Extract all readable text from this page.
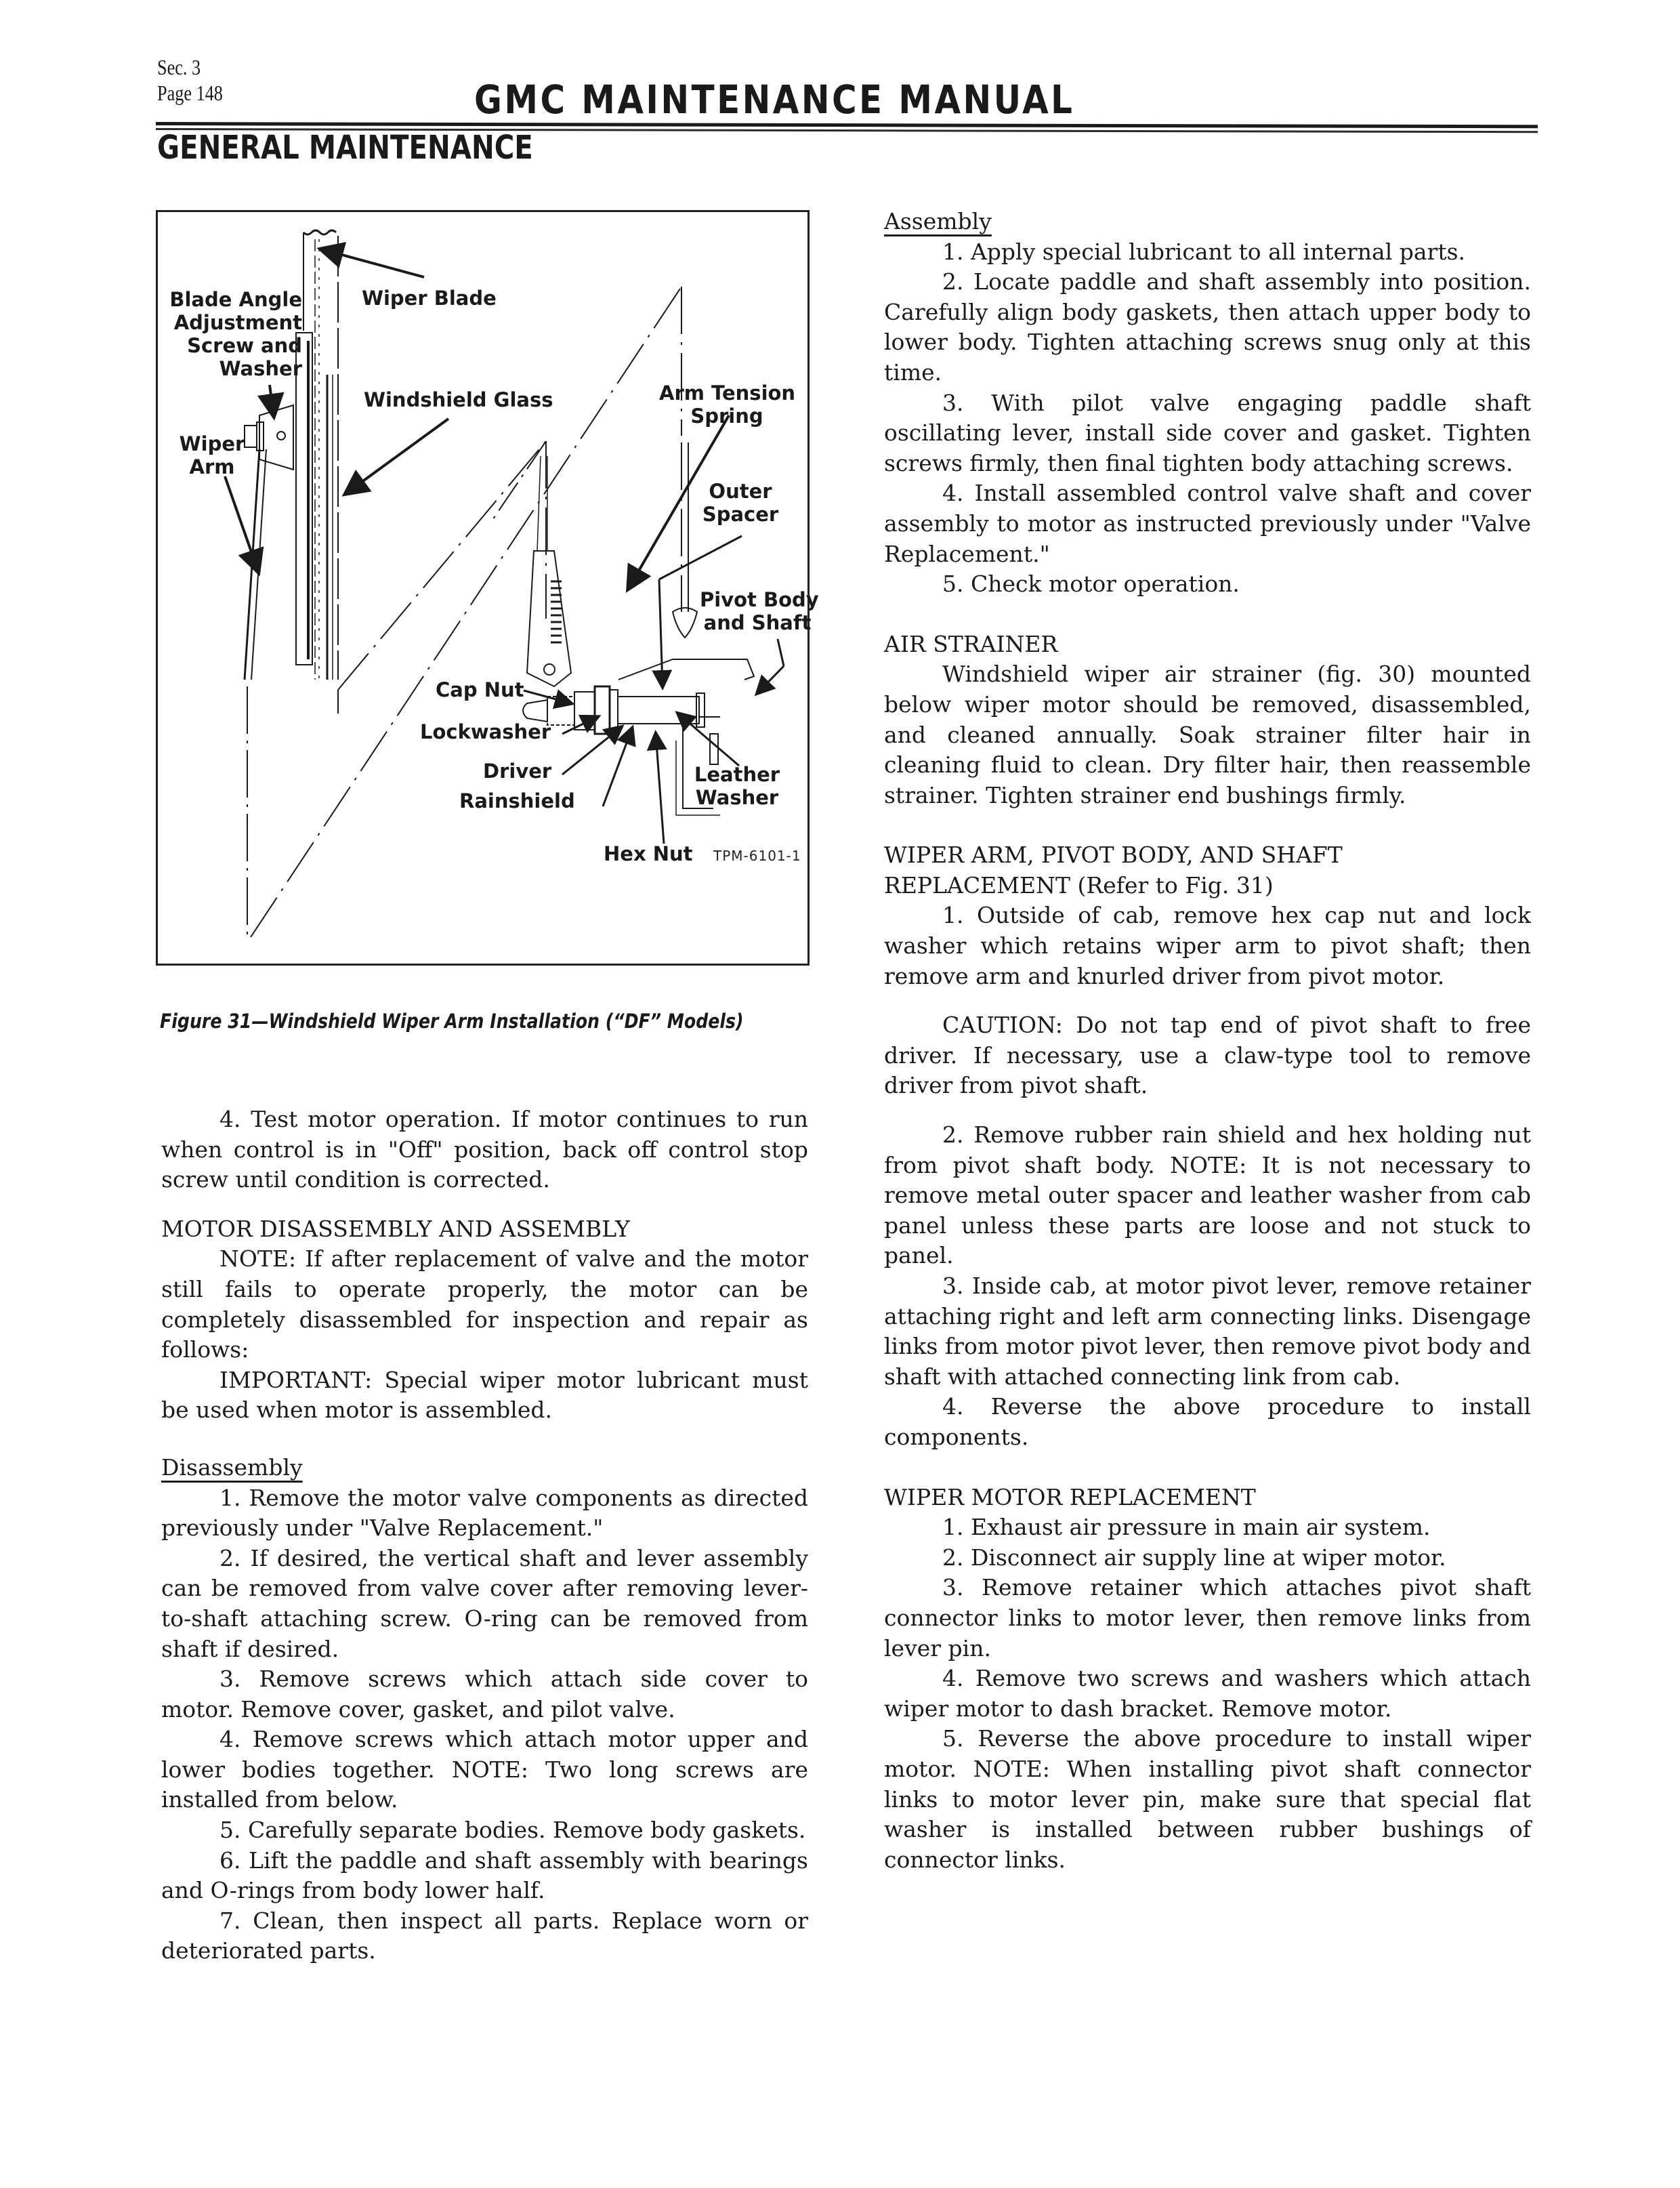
Sec. 3
Page 148	GMC MAINTENANCE MANUAL
GENERAL MAINTENANCE
Blade Angle
Adjustment
Screw and
Washer
Wiper Blade
Windshield Glass
Wiper
Arm
Arm Tension
Spring
Outer
Spacer
Pivot Body
and Shaft
Cap Nut
Lockwasher
Driver
Rainshield
Leather
Washer
Hex Nut TPM-6101-1
Figure 31—Windshield Wiper Arm Installation (“DF” Models)

4. Test motor operation. If motor continues to run when control is in "Off" position, back off control stop screw until condition is corrected.

MOTOR DISASSEMBLY AND ASSEMBLY

NOTE: If after replacement of valve and the motor still fails to operate properly, the motor can be completely disassembled for inspection and repair as follows:

IMPORTANT: Special wiper motor lubricant must be used when motor is assembled.

Disassembly

1. Remove the motor valve components as directed previously under "Valve Replacement."

2. If desired, the vertical shaft and lever assembly can be removed from valve cover after removing lever-to-shaft attaching screw. O-ring can be removed from shaft if desired.

3. Remove screws which attach side cover to motor. Remove cover, gasket, and pilot valve.

4. Remove screws which attach motor upper and lower bodies together. NOTE: Two long screws are installed from below.

5. Carefully separate bodies. Remove body gaskets.

6. Lift the paddle and shaft assembly with bearings and O-rings from body lower half.

7. Clean, then inspect all parts. Replace worn or deteriorated parts.

Assembly

1. Apply special lubricant to all internal parts.

2. Locate paddle and shaft assembly into position. Carefully align body gaskets, then attach upper body to lower body. Tighten attaching screws snug only at this time.

3. With pilot valve engaging paddle shaft oscillating lever, install side cover and gasket. Tighten screws firmly, then final tighten body attaching screws.

4. Install assembled control valve shaft and cover assembly to motor as instructed previously under "Valve Replacement."

5. Check motor operation.

AIR STRAINER

Windshield wiper air strainer (fig. 30) mounted below wiper motor should be removed, disassembled, and cleaned annually. Soak strainer filter hair in cleaning fluid to clean. Dry filter hair, then reassemble strainer. Tighten strainer end bushings firmly.

WIPER ARM, PIVOT BODY, AND SHAFT REPLACEMENT (Refer to Fig. 31)

1. Outside of cab, remove hex cap nut and lock washer which retains wiper arm to pivot shaft; then remove arm and knurled driver from pivot motor.

CAUTION: Do not tap end of pivot shaft to free driver. If necessary, use a claw-type tool to remove driver from pivot shaft.

2. Remove rubber rain shield and hex holding nut from pivot shaft body. NOTE: It is not necessary to remove metal outer spacer and leather washer from cab panel unless these parts are loose and not stuck to panel.

3. Inside cab, at motor pivot lever, remove retainer attaching right and left arm connecting links. Disengage links from motor pivot lever, then remove pivot body and shaft with attached connecting link from cab.

4. Reverse the above procedure to install components.

WIPER MOTOR REPLACEMENT

1. Exhaust air pressure in main air system.

2. Disconnect air supply line at wiper motor.

3. Remove retainer which attaches pivot shaft connector links to motor lever, then remove links from lever pin.

4. Remove two screws and washers which attach wiper motor to dash bracket. Remove motor.

5. Reverse the above procedure to install wiper motor. NOTE: When installing pivot shaft connector links to motor lever pin, make sure that special flat washer is installed between rubber bushings of connector links.
